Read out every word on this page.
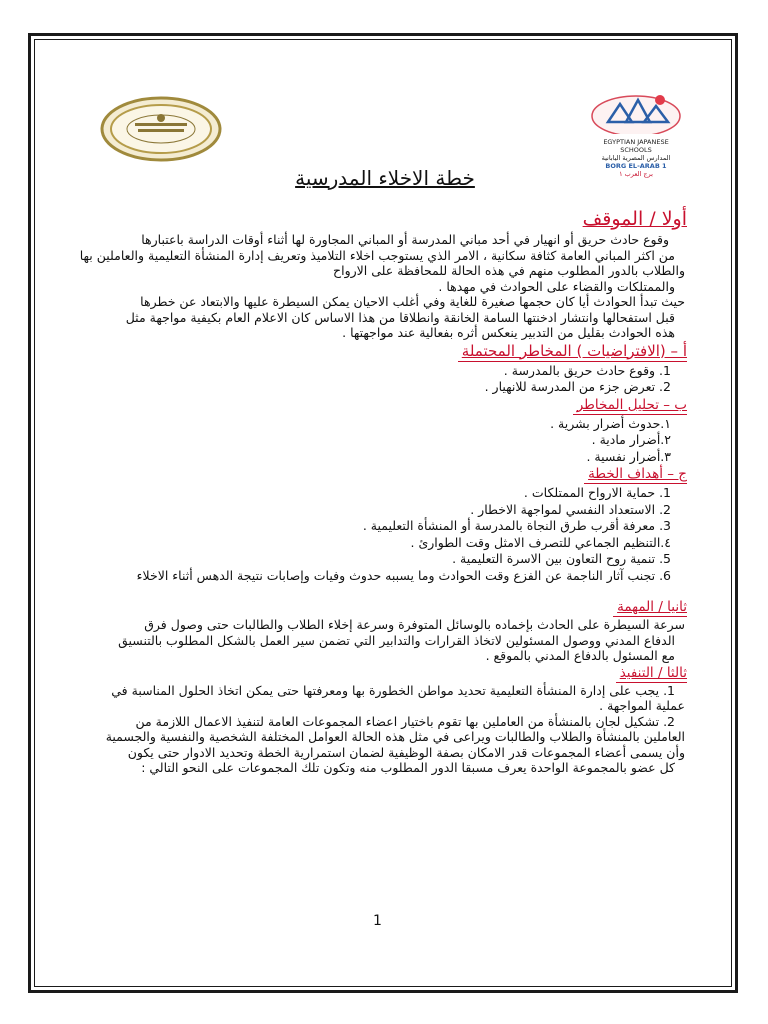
EGYPTIAN JAPANESE SCHOOLS
المدارس المصرية اليابانية
BORG EL-ARAB 1
برج العرب ١
خطة الاخلاء المدرسية
أولا / الموقف

وقوع حادث حريق أو انهيار في أحد مباني المدرسة أو المباني المجاورة لها أثناء أوقات الدراسة باعتبارها

من اكثر المباني العامة كثافة سكانية ، الامر الذي يستوجب اخلاء التلاميذ وتعريف إدارة المنشأة التعليمية والعاملين بها

والطلاب بالدور المطلوب منهم في هذه الحالة للمحافظة على الارواح

والممتلكات والقضاء على الحوادث في مهدها .

حيث تبدأ الحوادث أيا كان حجمها صغيرة للغاية وفي أغلب الاحيان يمكن السيطرة عليها والابتعاد عن خطرها

قبل استفحالها وانتشار ادخنتها السامة الخانقة وانطلاقا من هذا الاساس كان الاعلام العام بكيفية مواجهة مثل

هذه الحوادث بقليل من التدبير ينعكس أثره بفعالية عند مواجهتها .

أ – (الافتراضيات ) المخاطر المحتملة

1. وقوع حادث حريق بالمدرسة .

2. تعرض جزء من المدرسة للانهيار .

ب – تحليل المخاطر

١.حدوث أضرار بشرية .

٢.أضرار مادية .

٣.أضرار نفسية .

ج – أهداف الخطة

1. حماية الارواح الممتلكات .

2. الاستعداد النفسي لمواجهة الاخطار .

3. معرفة أقرب طرق النجاة بالمدرسة أو المنشأة التعليمية .

٤.التنظيم الجماعي للتصرف الامثل وقت الطوارئ .

5. تنمية روح التعاون بين الاسرة التعليمية .

6. تجنب آثار الناجمة عن الفزع وقت الحوادث وما يسببه حدوث وفيات وإصابات نتيجة الدهس أثناء الاخلاء

ثانيا / المهمة

سرعة السيطرة على الحادث بإخماده بالوسائل المتوفرة وسرعة إخلاء الطلاب والطالبات حتى وصول فرق

الدفاع المدني ووصول المسئولين لاتخاذ القرارات والتدابير التي تضمن سير العمل بالشكل المطلوب بالتنسيق

مع المسئول بالدفاع المدني بالموقع .

ثالثا / التنفيذ

1. يجب على إدارة المنشأة التعليمية تحديد مواطن الخطورة بها ومعرفتها حتى يمكن اتخاذ الحلول المناسبة في

عملية المواجهة .

2. تشكيل لجان بالمنشأة من العاملين بها تقوم باختيار اعضاء المجموعات العامة لتنفيذ الاعمال اللازمة من

العاملين بالمنشأة والطلاب والطالبات ويراعى في مثل هذه الحالة العوامل المختلفة الشخصية والنفسية والجسمية

وأن يسمى أعضاء المجموعات قدر الامكان بصفة الوظيفية لضمان استمرارية الخطة وتحديد الادوار حتى يكون

كل عضو بالمجموعة الواحدة يعرف مسبقا الدور المطلوب منه وتكون تلك المجموعات على النحو التالي :

1
